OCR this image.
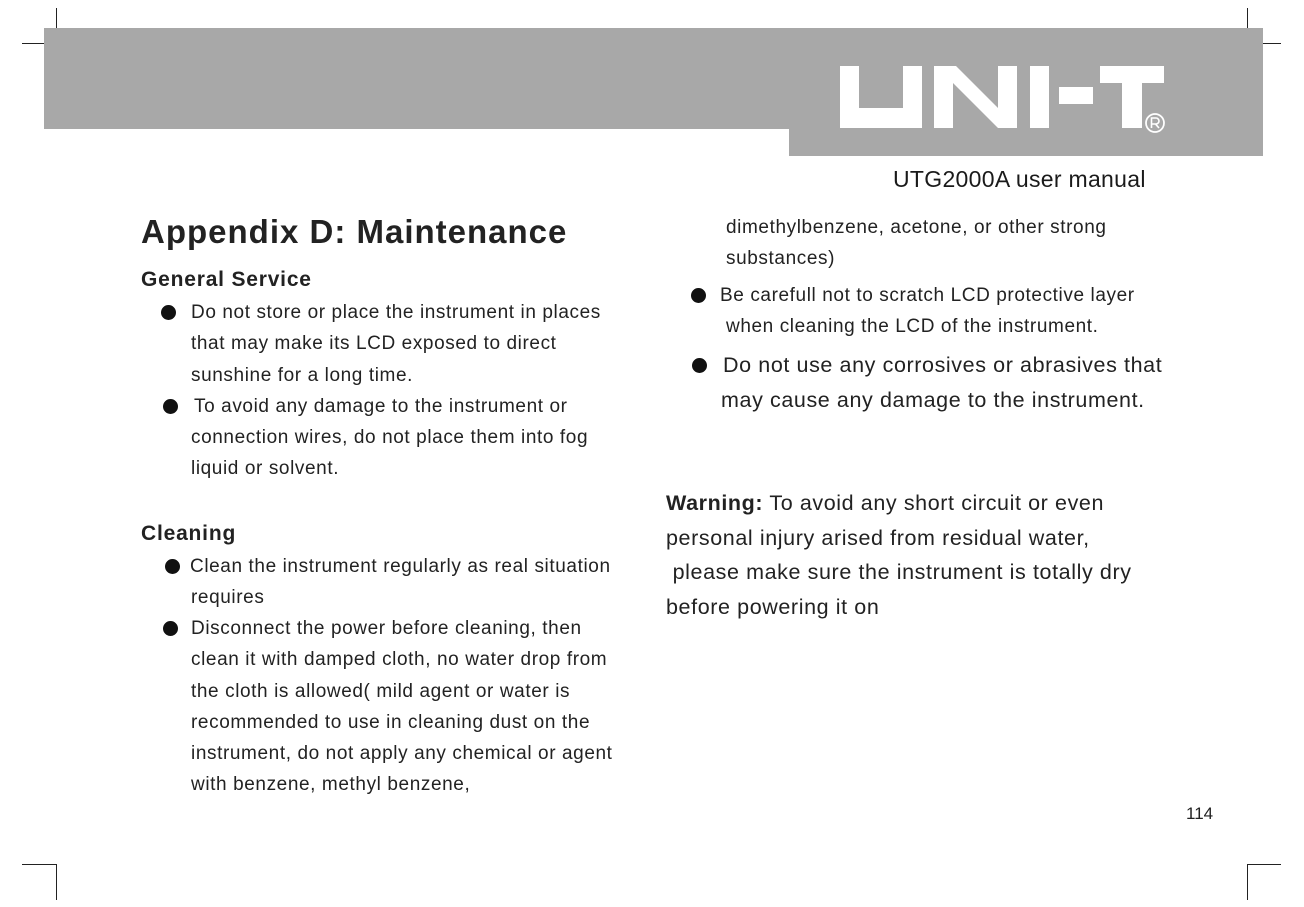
UTG2000A user manual
Appendix D: Maintenance
General Service
Do not store or place the instrument in places
that may make its LCD exposed to direct
sunshine for a long time.
To avoid any damage to the instrument or
connection wires, do not place them into fog
liquid or solvent.
Cleaning
Clean the instrument regularly as real situation
requires
Disconnect the power before cleaning, then
clean it with damped cloth, no water drop from
the cloth is allowed( mild agent or water is
recommended to use in cleaning dust on the
instrument, do not apply any chemical or agent
with benzene, methyl benzene,
dimethylbenzene, acetone, or other strong
substances)
Be carefull not to scratch LCD protective layer
when cleaning the LCD of the instrument.
Do not use any corrosives or abrasives that
may cause any damage to the instrument.
Warning: To avoid any short circuit or even
personal injury arised from residual water,
please make sure the instrument is totally dry
before powering it on
114
